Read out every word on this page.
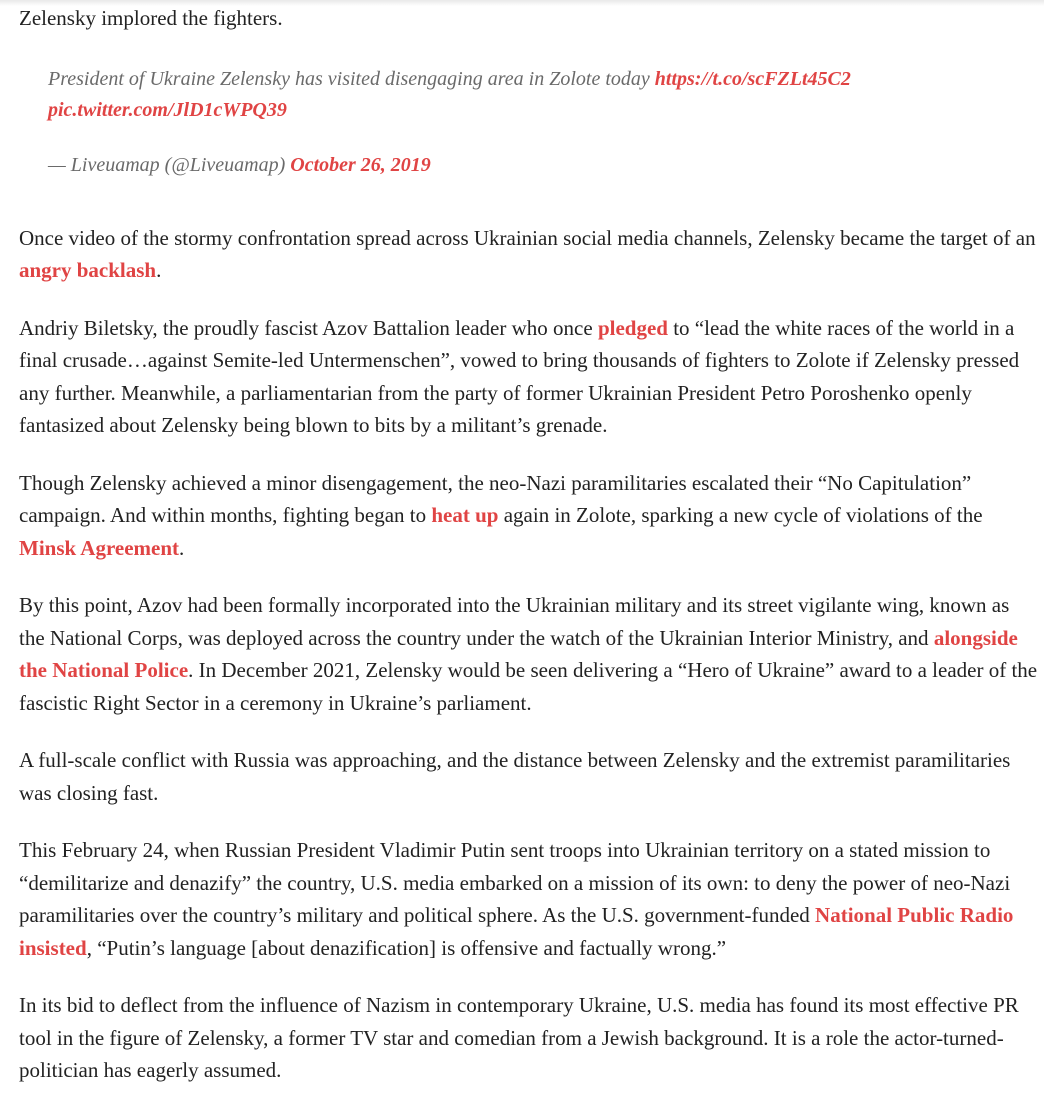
Zelensky implored the fighters.

President of Ukraine Zelensky has visited disengaging area in Zolote today https://t.co/scFZLt45C2
pic.twitter.com/JlD1cWPQ39

— Liveuamap (@Liveuamap) October 26, 2019

Once video of the stormy confrontation spread across Ukrainian social media channels, Zelensky became the target of an angry backlash.

Andriy Biletsky, the proudly fascist Azov Battalion leader who once pledged to “lead the white races of the world in a final crusade…against Semite-led Untermenschen”, vowed to bring thousands of fighters to Zolote if Zelensky pressed any further. Meanwhile, a parliamentarian from the party of former Ukrainian President Petro Poroshenko openly fantasized about Zelensky being blown to bits by a militant’s grenade.

Though Zelensky achieved a minor disengagement, the neo-Nazi paramilitaries escalated their “No Capitulation” campaign. And within months, fighting began to heat up again in Zolote, sparking a new cycle of violations of the Minsk Agreement.

By this point, Azov had been formally incorporated into the Ukrainian military and its street vigilante wing, known as the National Corps, was deployed across the country under the watch of the Ukrainian Interior Ministry, and alongside the National Police. In December 2021, Zelensky would be seen delivering a “Hero of Ukraine” award to a leader of the fascistic Right Sector in a ceremony in Ukraine’s parliament.

A full-scale conflict with Russia was approaching, and the distance between Zelensky and the extremist paramilitaries was closing fast.

This February 24, when Russian President Vladimir Putin sent troops into Ukrainian territory on a stated mission to “demilitarize and denazify” the country, U.S. media embarked on a mission of its own: to deny the power of neo-Nazi paramilitaries over the country’s military and political sphere. As the U.S. government-funded National Public Radio insisted, “Putin’s language [about denazification] is offensive and factually wrong.”

In its bid to deflect from the influence of Nazism in contemporary Ukraine, U.S. media has found its most effective PR tool in the figure of Zelensky, a former TV star and comedian from a Jewish background. It is a role the actor-turned-politician has eagerly assumed.
